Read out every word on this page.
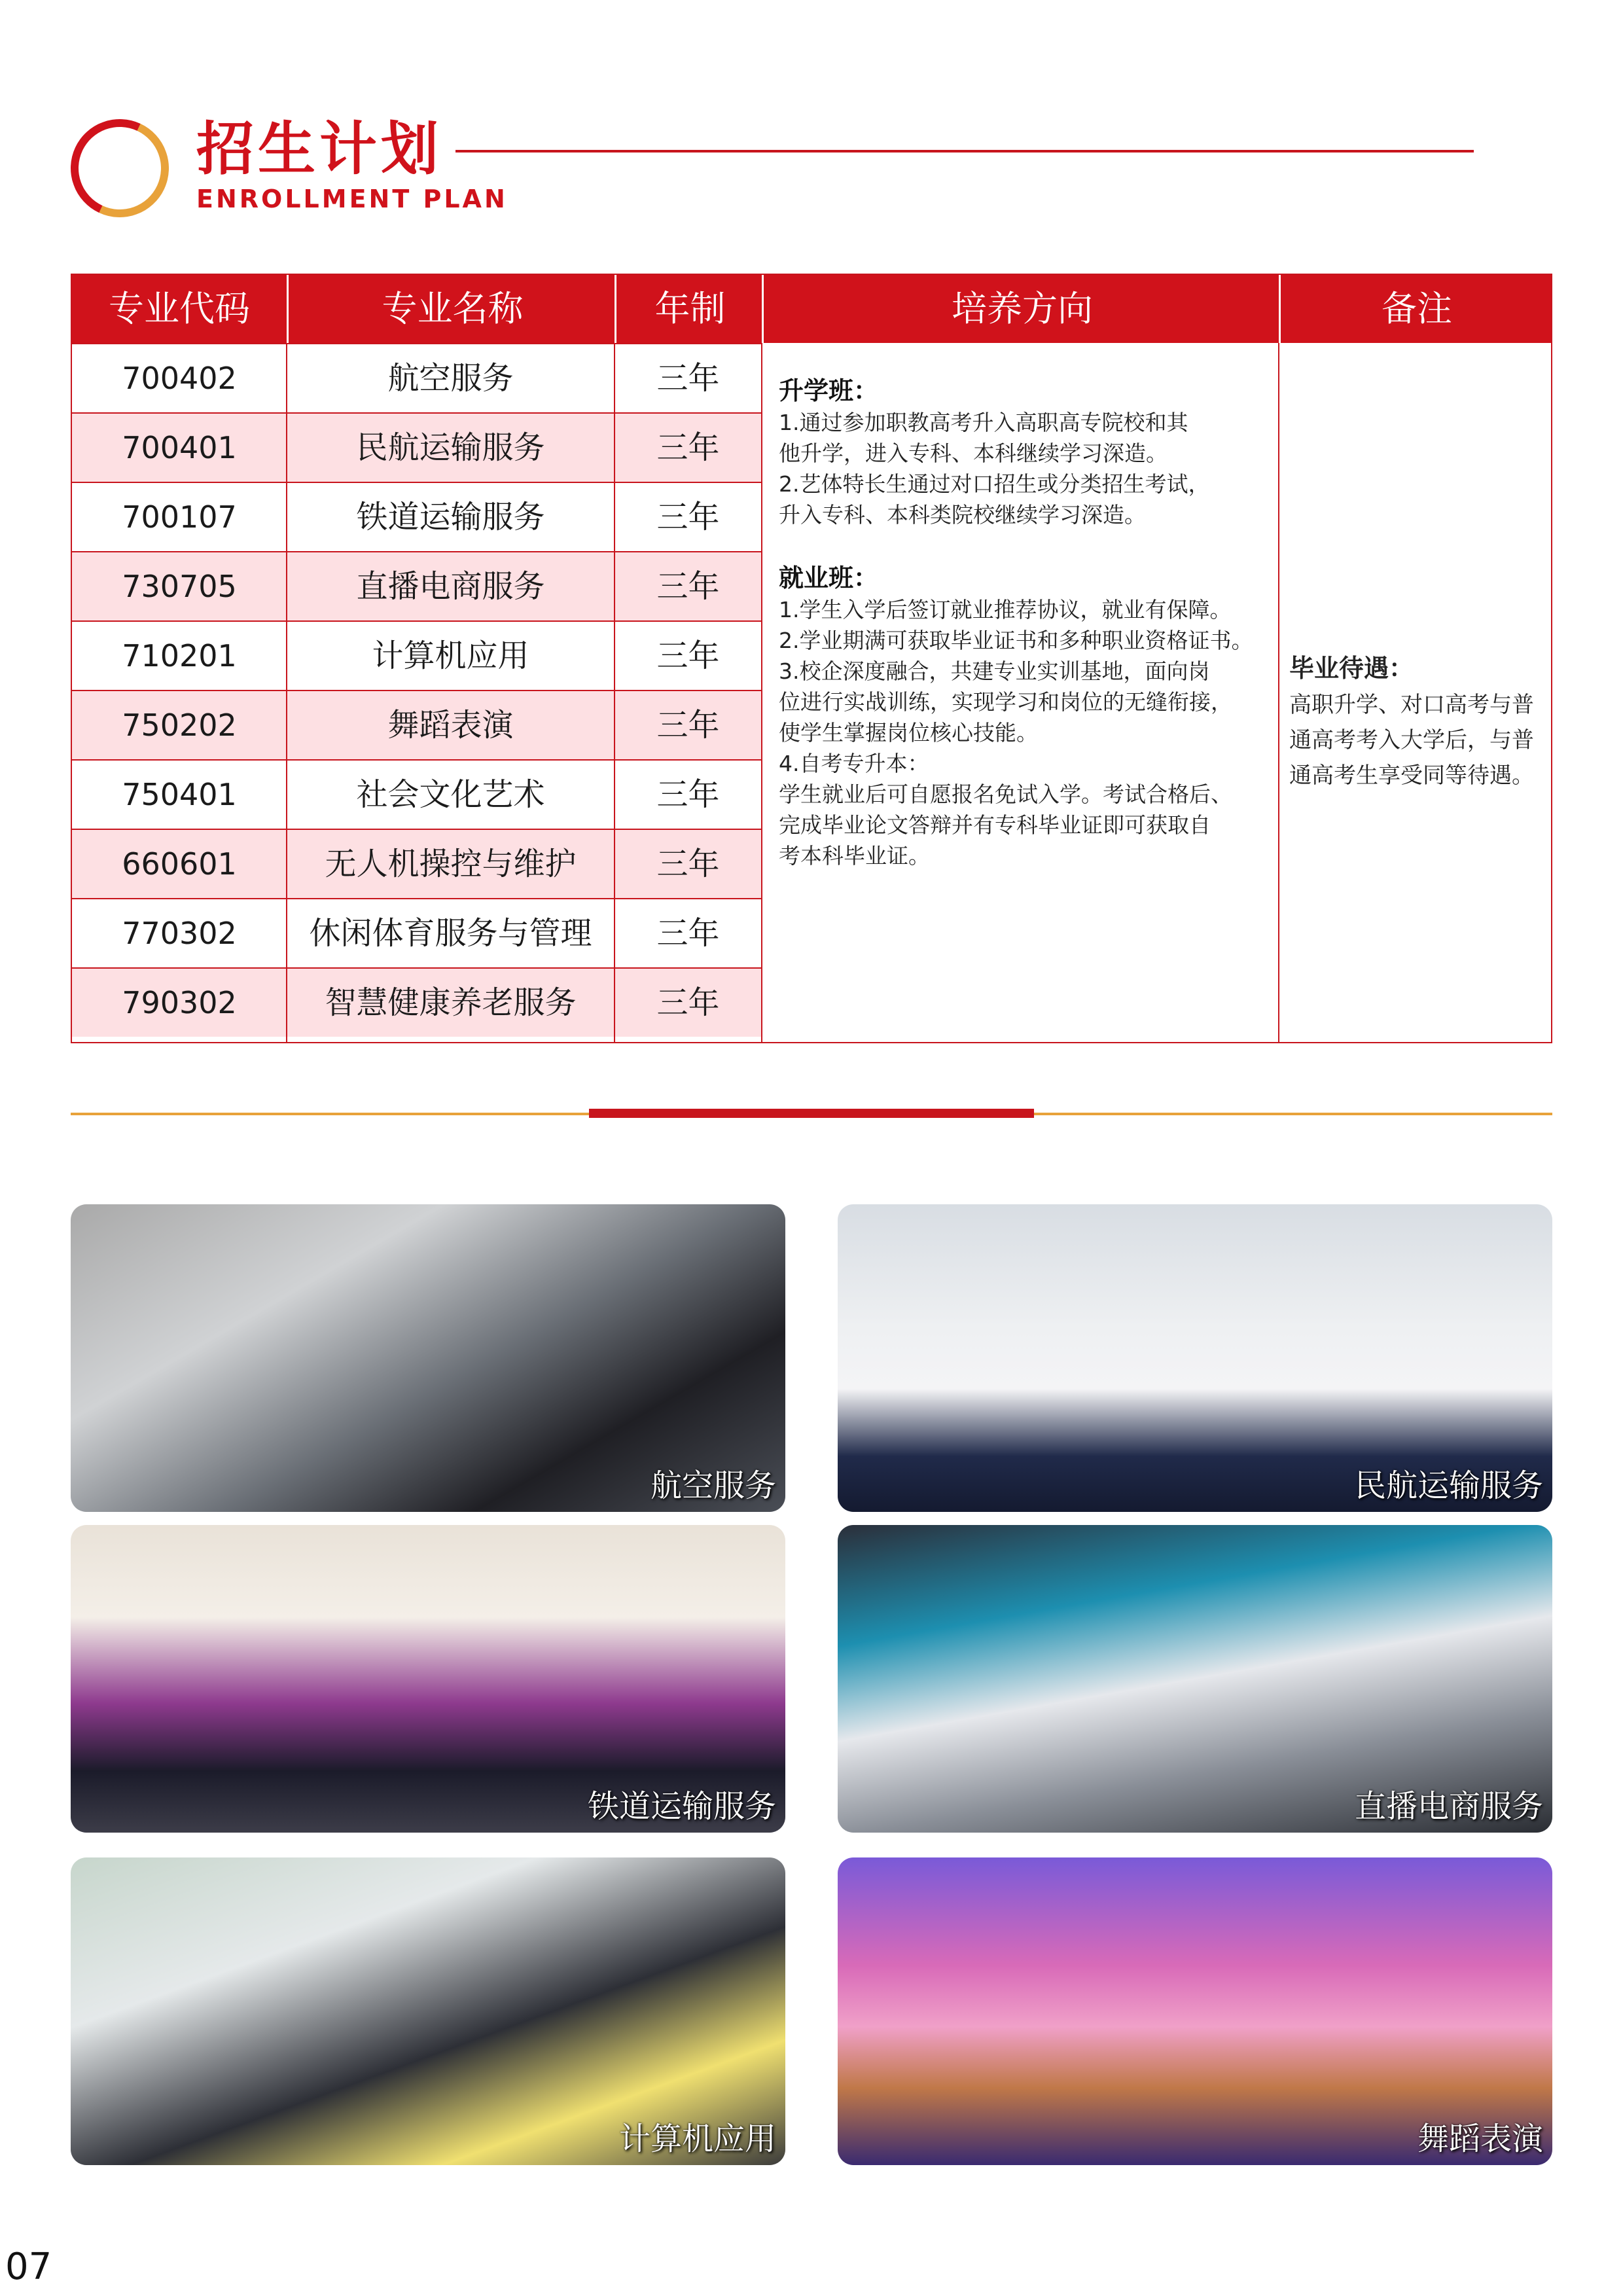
招生计划
ENROLLMENT PLAN
专业代码	专业名称	年制	培养方向	备注
700402	航空服务	三年
700401	民航运输服务	三年
700107	铁道运输服务	三年
730705	直播电商服务	三年
710201	计算机应用	三年
750202	舞蹈表演	三年
750401	社会文化艺术	三年
660601	无人机操控与维护	三年
770302	休闲体育服务与管理	三年
790302	智慧健康养老服务	三年
升学班：
1.通过参加职教高考升入高职高专院校和其
他升学，进入专科、本科继续学习深造。
2.艺体特长生通过对口招生或分类招生考试，
升入专科、本科类院校继续学习深造。
就业班：
1.学生入学后签订就业推荐协议，就业有保障。
2.学业期满可获取毕业证书和多种职业资格证书。
3.校企深度融合，共建专业实训基地，面向岗
位进行实战训练，实现学习和岗位的无缝衔接，
使学生掌握岗位核心技能。
4.自考专升本：
学生就业后可自愿报名免试入学。考试合格后、
完成毕业论文答辩并有专科毕业证即可获取自
考本科毕业证。
毕业待遇：
高职升学、对口高考与普
通高考考入大学后，与普
通高考生享受同等待遇。
航空服务	民航运输服务
铁道运输服务	直播电商服务
计算机应用	舞蹈表演
07
